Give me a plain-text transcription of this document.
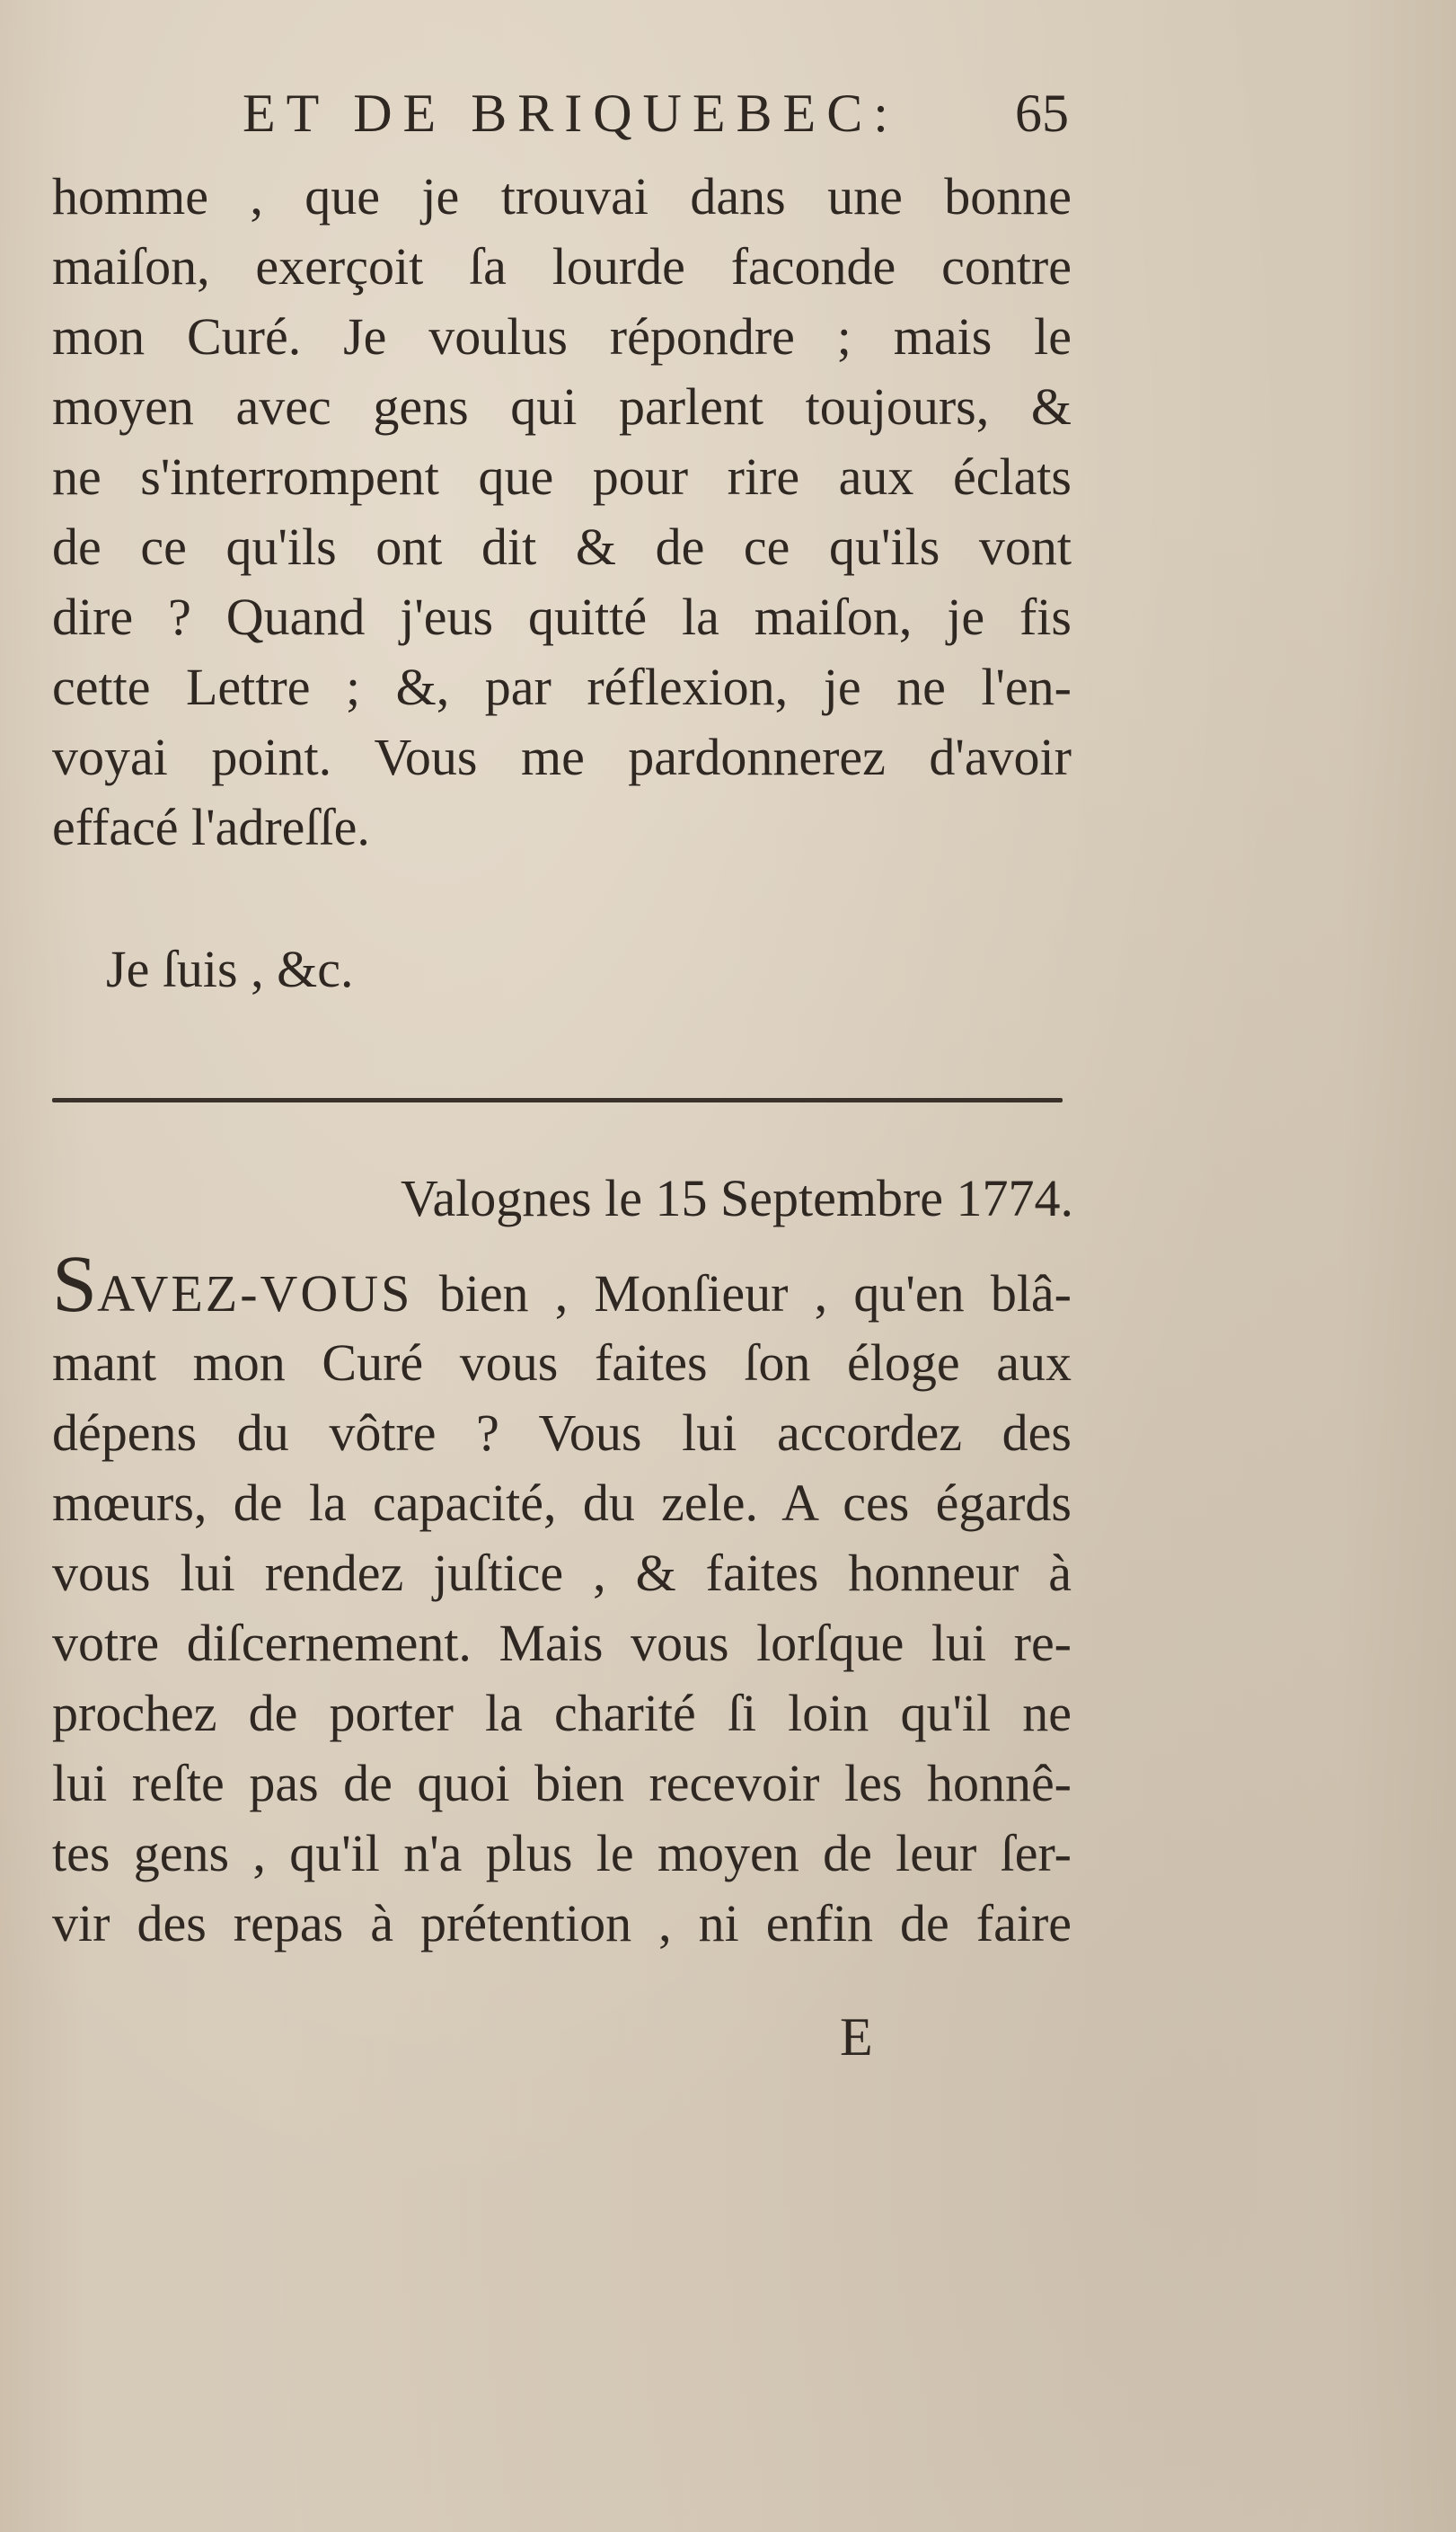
ET DE BRIQUEBEC: 65
homme , que je trouvai dans une bonne
maiſon, exerçoit ſa lourde faconde contre
mon Curé. Je voulus répondre ; mais le
moyen avec gens qui parlent toujours, &
ne s'interrompent que pour rire aux éclats
de ce qu'ils ont dit & de ce qu'ils vont
dire ? Quand j'eus quitté la maiſon, je fis
cette Lettre ; &, par réflexion, je ne l'en-
voyai point. Vous me pardonnerez d'avoir
effacé l'adreſſe.
Je ſuis , &c.
Valognes le 15 Septembre 1774.
SAVEZ-VOUS bien , Monſieur , qu'en blâ-
mant mon Curé vous faites ſon éloge aux
dépens du vôtre ? Vous lui accordez des
mœurs, de la capacité, du zele. A ces égards
vous lui rendez juſtice , & faites honneur à
votre diſcernement. Mais vous lorſque lui re-
prochez de porter la charité ſi loin qu'il ne
lui reſte pas de quoi bien recevoir les honnê-
tes gens , qu'il n'a plus le moyen de leur ſer-
vir des repas à prétention , ni enfin de faire
E
